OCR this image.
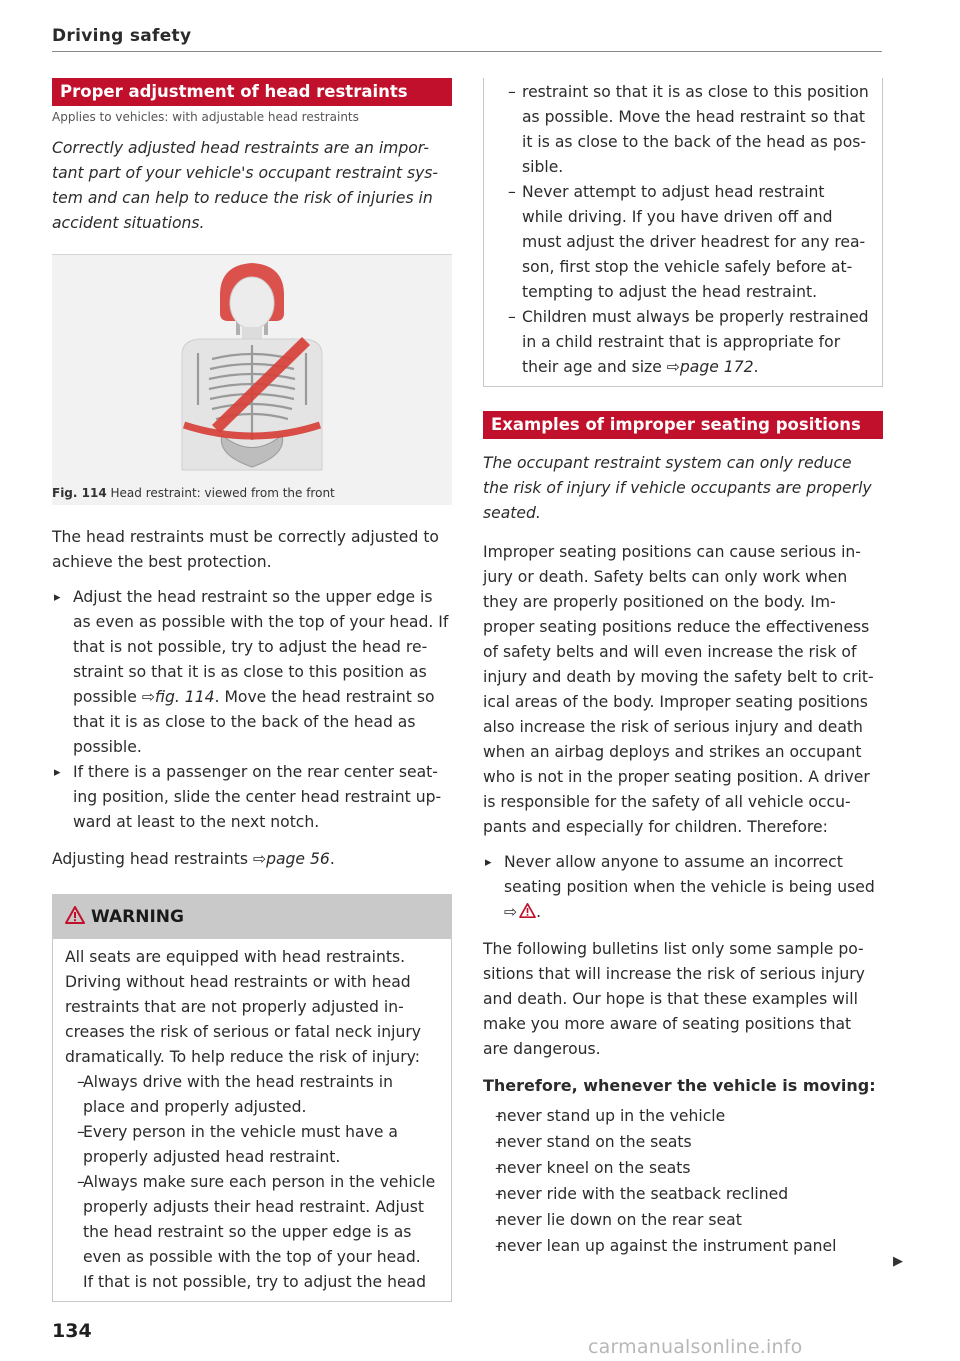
Driving safety
Proper adjustment of head restraints
Applies to vehicles: with adjustable head restraints
Correctly adjusted head restraints are an impor-
tant part of your vehicle's occupant restraint sys-
tem and can help to reduce the risk of injuries in
accident situations.
Fig. 114 Head restraint: viewed from the front

The head restraints must be correctly adjusted to
achieve the best protection.

▸ Adjust the head restraint so the upper edge is
as even as possible with the top of your head. If
that is not possible, try to adjust the head re-
straint so that it is as close to this position as
possible ⇨fig. 114. Move the head restraint so
that it is as close to the back of the head as
possible.
▸ If there is a passenger on the rear center seat-
ing position, slide the center head restraint up-
ward at least to the next notch.

Adjusting head restraints ⇨page 56.

WARNING

All seats are equipped with head restraints.
Driving without head restraints or with head
restraints that are not properly adjusted in-
creases the risk of serious or fatal neck injury
dramatically. To help reduce the risk of injury:

– Always drive with the head restraints in
place and properly adjusted.
– Every person in the vehicle must have a
properly adjusted head restraint.
– Always make sure each person in the vehicle
properly adjusts their head restraint. Adjust
the head restraint so the upper edge is as
even as possible with the top of your head.
If that is not possible, try to adjust the head
– restraint so that it is as close to this position
as possible. Move the head restraint so that
it is as close to the back of the head as pos-
sible.
– Never attempt to adjust head restraint
while driving. If you have driven off and
must adjust the driver headrest for any rea-
son, first stop the vehicle safely before at-
tempting to adjust the head restraint.
– Children must always be properly restrained
in a child restraint that is appropriate for
their age and size ⇨page 172.
Examples of improper seating positions
The occupant restraint system can only reduce
the risk of injury if vehicle occupants are properly
seated.

Improper seating positions can cause serious in-
jury or death. Safety belts can only work when
they are properly positioned on the body. Im-
proper seating positions reduce the effectiveness
of safety belts and will even increase the risk of
injury and death by moving the safety belt to crit-
ical areas of the body. Improper seating positions
also increase the risk of serious injury and death
when an airbag deploys and strikes an occupant
who is not in the proper seating position. A driver
is responsible for the safety of all vehicle occu-
pants and especially for children. Therefore:

▸ Never allow anyone to assume an incorrect
seating position when the vehicle is being used
⇨ .

The following bulletins list only some sample po-
sitions that will increase the risk of serious injury
and death. Our hope is that these examples will
make you more aware of seating positions that
are dangerous.

Therefore, whenever the vehicle is moving:
– never stand up in the vehicle
– never stand on the seats
– never kneel on the seats
– never ride with the seatback reclined
– never lie down on the rear seat
– never lean up against the instrument panel
▶
134
carmanualsonline.info
